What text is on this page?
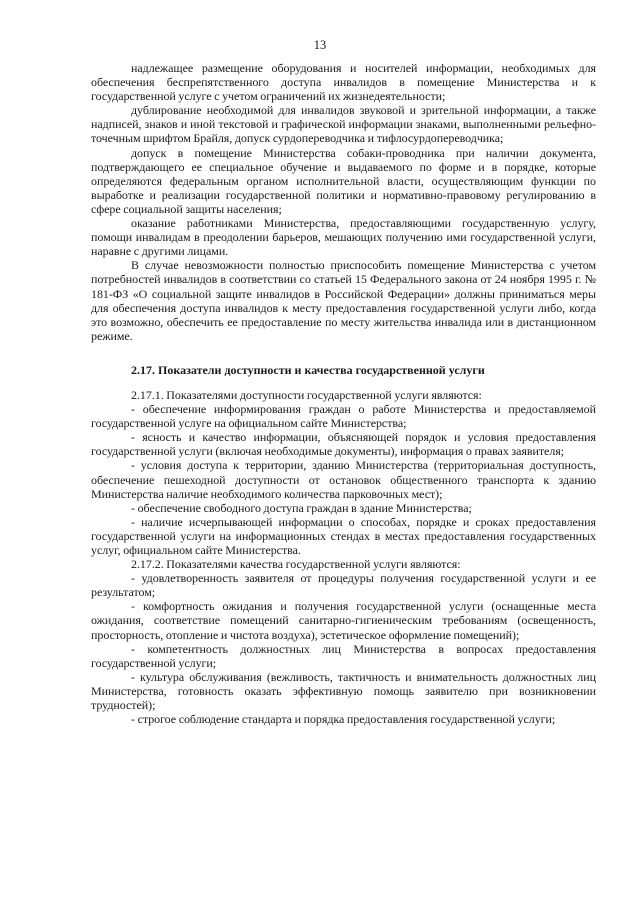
13

надлежащее размещение оборудования и носителей информации, необходимых для обеспечения беспрепятственного доступа инвалидов в помещение Министерства и к государственной услуге с учетом ограничений их жизнедеятельности;

дублирование необходимой для инвалидов звуковой и зрительной информации, а также надписей, знаков и иной текстовой и графической информации знаками, выполненными рельефно-точечным шрифтом Брайля, допуск сурдопереводчика и тифлосурдопереводчика;

допуск в помещение Министерства собаки-проводника при наличии документа, подтверждающего ее специальное обучение и выдаваемого по форме и в порядке, которые определяются федеральным органом исполнительной власти, осуществляющим функции по выработке и реализации государственной политики и нормативно-правовому регулированию в сфере социальной защиты населения;

оказание работниками Министерства, предоставляющими государственную услугу, помощи инвалидам в преодолении барьеров, мешающих получению ими государственной услуги, наравне с другими лицами.

В случае невозможности полностью приспособить помещение Министерства с учетом потребностей инвалидов в соответствии со статьей 15 Федерального закона от 24 ноября 1995 г. № 181-ФЗ «О социальной защите инвалидов в Российской Федерации» должны приниматься меры для обеспечения доступа инвалидов к месту предоставления государственной услуги либо, когда это возможно, обеспечить ее предоставление по месту жительства инвалида или в дистанционном режиме.

2.17. Показатели доступности и качества государственной услуги

2.17.1. Показателями доступности государственной услуги являются:

- обеспечение информирования граждан о работе Министерства и предоставляемой государственной услуге на официальном сайте Министерства;

- ясность и качество информации, объясняющей порядок и условия предоставления государственной услуги (включая необходимые документы), информация о правах заявителя;

- условия доступа к территории, зданию Министерства (территориальная доступность, обеспечение пешеходной доступности от остановок общественного транспорта к зданию Министерства наличие необходимого количества парковочных мест);

- обеспечение свободного доступа граждан в здание Министерства;

- наличие исчерпывающей информации о способах, порядке и сроках предоставления государственной услуги на информационных стендах в местах предоставления государственных услуг, официальном сайте Министерства.

2.17.2. Показателями качества государственной услуги являются:

- удовлетворенность заявителя от процедуры получения государственной услуги и ее результатом;

- комфортность ожидания и получения государственной услуги (оснащенные места ожидания, соответствие помещений санитарно-гигиеническим требованиям (освещенность, просторность, отопление и чистота воздуха), эстетическое оформление помещений);

- компетентность должностных лиц Министерства в вопросах предоставления государственной услуги;

- культура обслуживания (вежливость, тактичность и внимательность должностных лиц Министерства, готовность оказать эффективную помощь заявителю при возникновении трудностей);

- строгое соблюдение стандарта и порядка предоставления государственной услуги;
